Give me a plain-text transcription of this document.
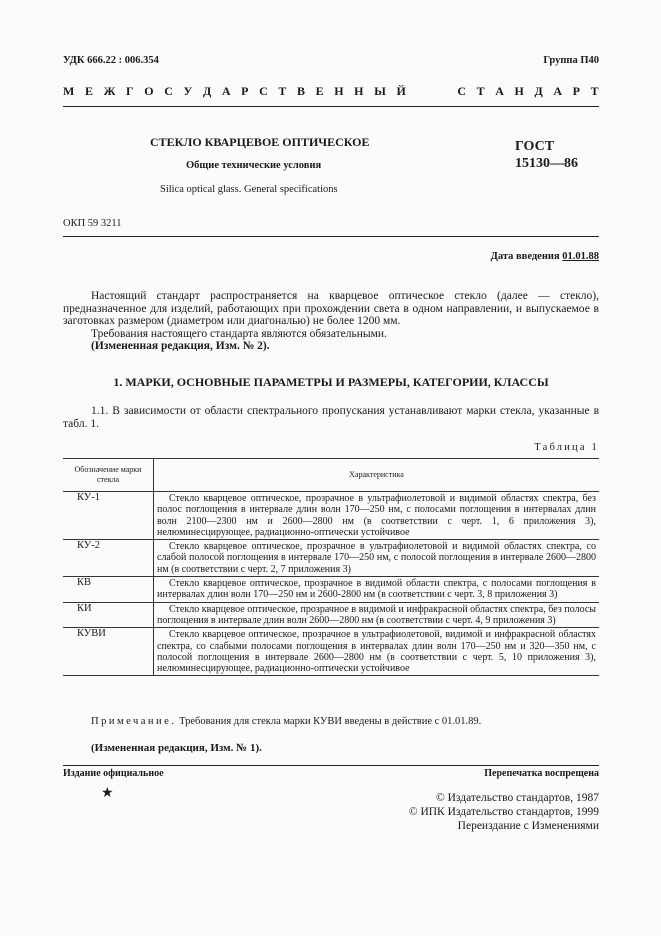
УДК 666.22 : 006.354	Группа П40
М Е Ж Г О С У Д А Р С Т В Е Н Н Ы Й

	С Т А Н Д А Р Т
СТЕКЛО КВАРЦЕВОЕ ОПТИЧЕСКОЕ
Общие технические условия
Silica optical glass. General specifications
ГОСТ
15130—86
ОКП 59 3211
Дата введения 01.01.88
Настоящий стандарт распространяется на кварцевое оптическое стекло (далее — стекло), предназначенное для изделий, работающих при прохождении света в одном направлении, и выпускаемое в заготовках размером (диаметром или диагональю) не более 1200 мм.
Требования настоящего стандарта являются обязательными.
(Измененная редакция, Изм. № 2).
1. МАРКИ, ОСНОВНЫЕ ПАРАМЕТРЫ И РАЗМЕРЫ, КАТЕГОРИИ, КЛАССЫ
1.1. В зависимости от области спектрального пропускания устанавливают марки стекла, указанные в табл. 1.
Таблица 1
Обозначение марки стекла	Характеристика
КУ-1	Стекло кварцевое оптическое, прозрачное в ультрафиолетовой и видимой областях спектра, без полос поглощения в интервале длин волн 170—250 нм, с полосами поглощения в интервалах длин волн 2100—2300 нм и 2600—2800 нм (в соответствии с черт. 1, 6 приложения 3), нелюминесцирующее, радиационно-оптически устойчивое

КУ-2	Стекло кварцевое оптическое, прозрачное в ультрафиолетовой и видимой областях спектра, со слабой полосой поглощения в интервале 170—250 нм, с полосой поглощения в интервале 2600—2800 нм (в соответствии с черт. 2, 7 приложения 3)

КВ	Стекло кварцевое оптическое, прозрачное в видимой области спектра, с полосами поглощения в интервалах длин волн 170—250 нм и 2600-2800 нм (в соответствии с черт. 3, 8 приложения 3)

КИ	Стекло кварцевое оптическое, прозрачное в видимой и инфракрасной областях спектра, без полосы поглощения в интервале длин волн 2600—2800 нм (в соответствии с черт. 4, 9 приложения 3)

КУВИ	Стекло кварцевое оптическое, прозрачное в ультрафиолетовой, видимой и инфракрасной областях спектра, со слабыми полосами поглощения в интервалах длин волн 170—250 нм и 320—350 нм, с полосой поглощения в интервале 2600—2800 нм (в соответствии с черт. 5, 10 приложения 3), нелюминесцирующее, радиационно-оптически устойчивое
Примечание. Требования для стекла марки КУВИ введены в действие с 01.01.89.
(Измененная редакция, Изм. № 1).
Издание официальное	Перепечатка воспрещена
★	© Издательство стандартов, 1987
© ИПК Издательство стандартов, 1999
Переиздание с Изменениями
